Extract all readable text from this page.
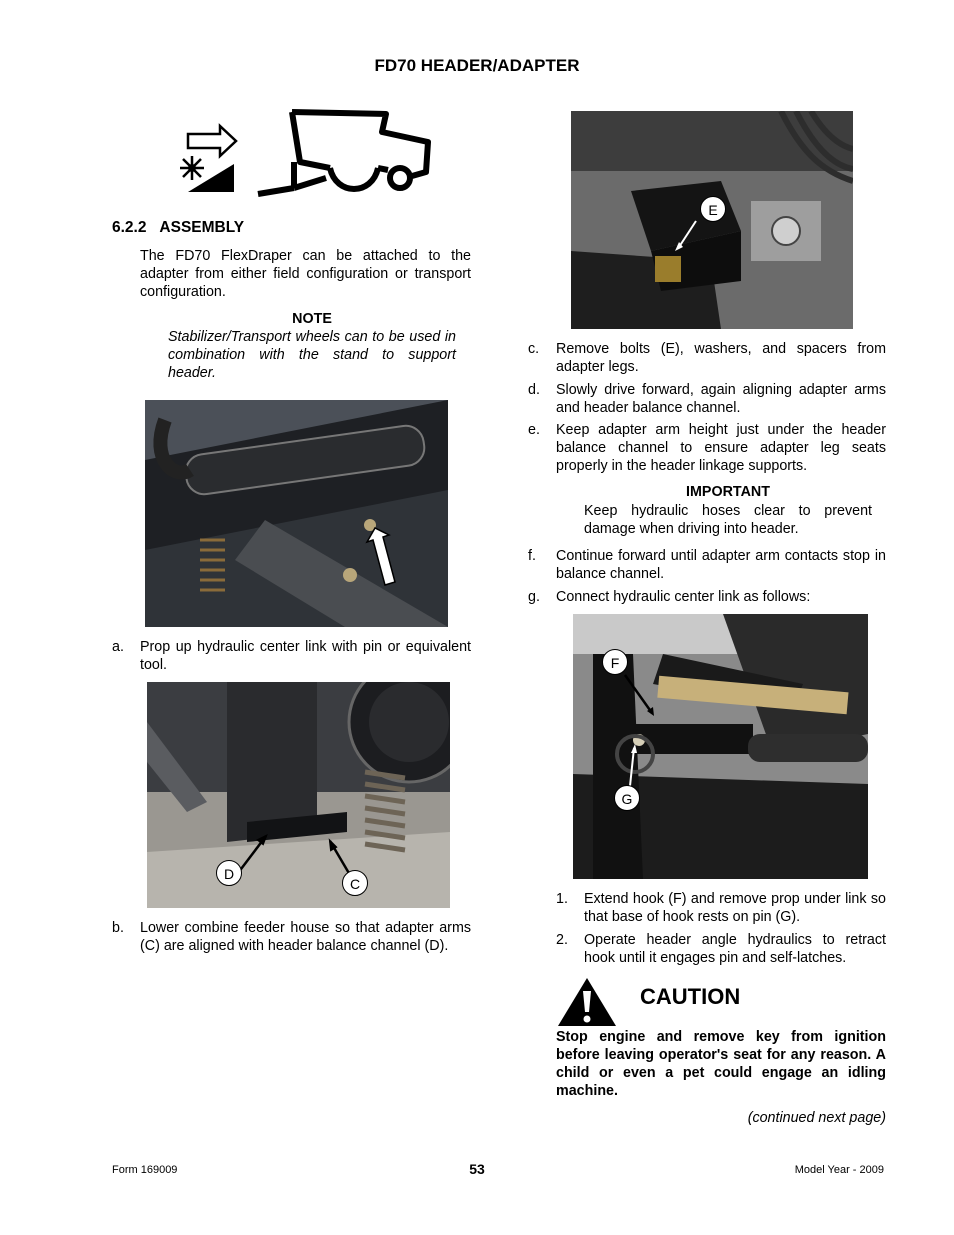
FD70 HEADER/ADAPTER
6.2.2 ASSEMBLY
The FD70 FlexDraper can be attached to the adapter from either field configuration or transport configuration.
NOTE
Stabilizer/Transport wheels can to be used in combination with the stand to support header.
a. Prop up hydraulic center link with pin or equivalent tool.
D
C
b. Lower combine feeder house so that adapter arms (C) are aligned with header balance channel (D).
E
c. Remove bolts (E), washers, and spacers from adapter legs.
d. Slowly drive forward, again aligning adapter arms and header balance channel.
e. Keep adapter arm height just under the header balance channel to ensure adapter leg seats properly in the header linkage supports.
IMPORTANT
Keep hydraulic hoses clear to prevent damage when driving into header.
f. Continue forward until adapter arm contacts stop in balance channel.
g. Connect hydraulic center link as follows:
F
G
1. Extend hook (F) and remove prop under link so that base of hook rests on pin (G).
2. Operate header angle hydraulics to retract hook until it engages pin and self-latches.
CAUTION
Stop engine and remove key from ignition before leaving operator's seat for any reason. A child or even a pet could engage an idling machine.
(continued next page)
Form 169009	53	Model Year - 2009
